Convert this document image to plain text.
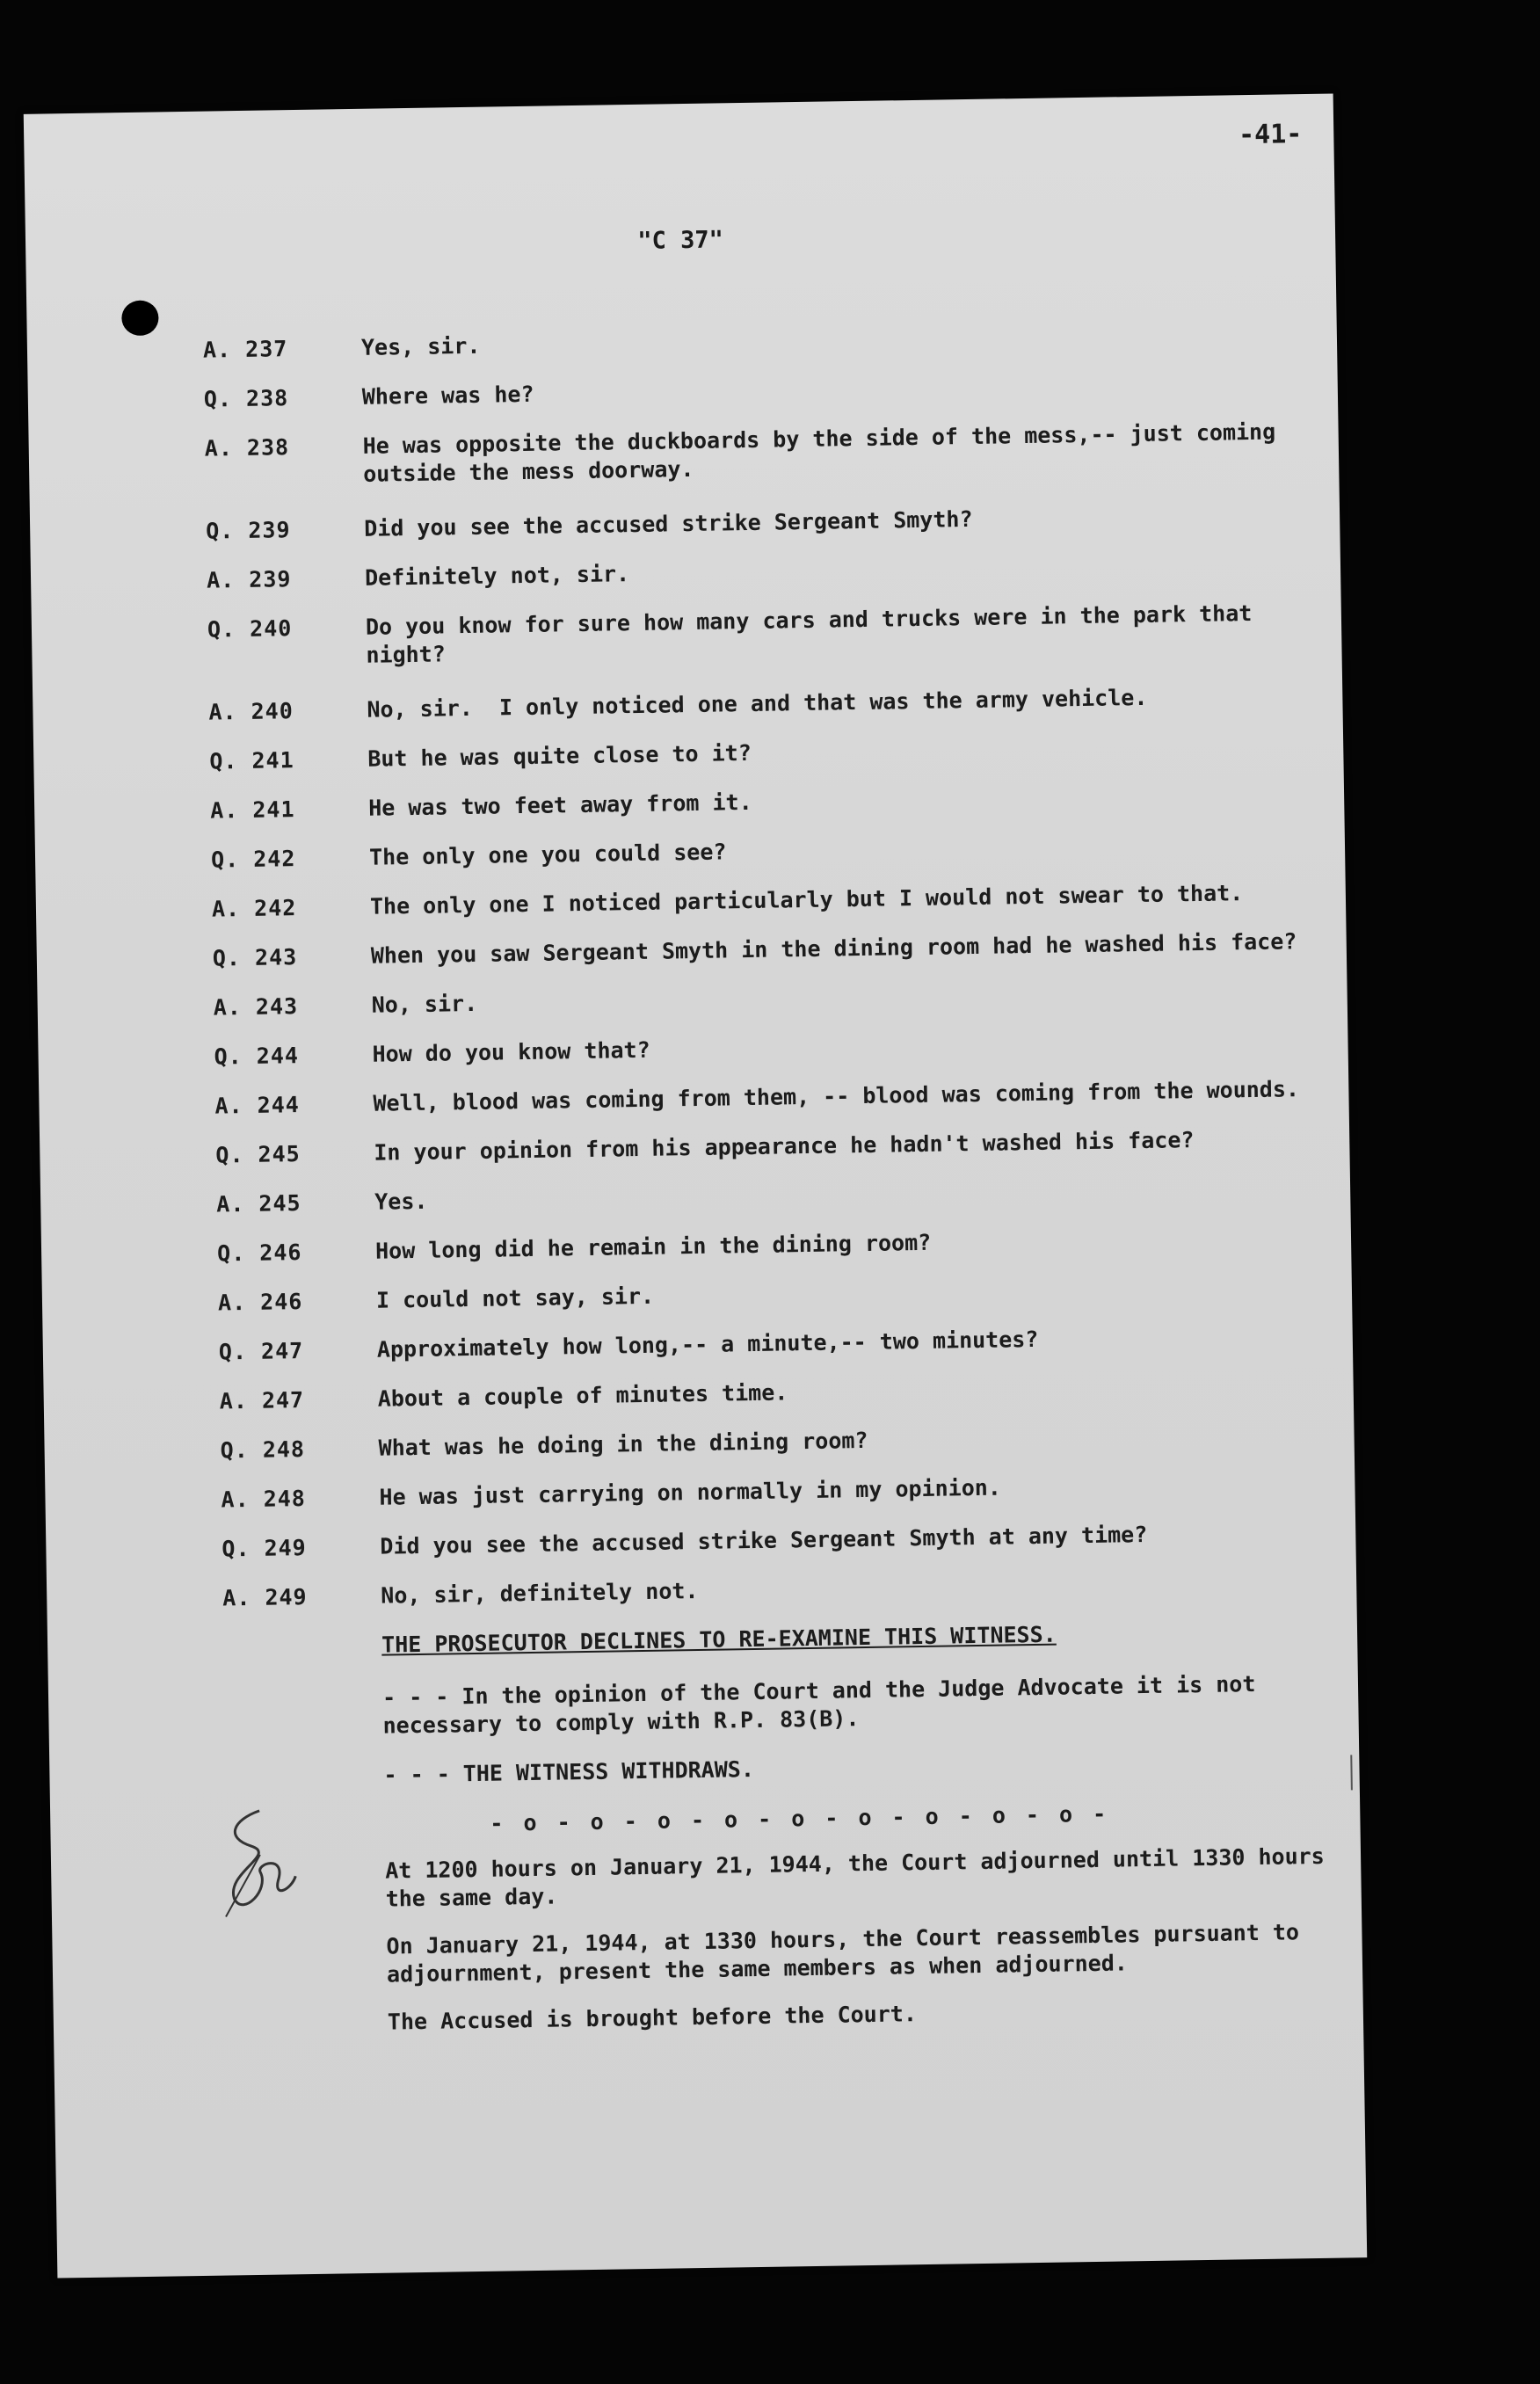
-41-
"C 37"
A. 237	Yes, sir.
Q. 238	Where was he?
A. 238	He was opposite the duckboards by the side of the mess,-- just coming
outside the mess doorway.
Q. 239	Did you see the accused strike Sergeant Smyth?
A. 239	Definitely not, sir.
Q. 240	Do you know for sure how many cars and trucks were in the park that
night?
A. 240	No, sir.  I only noticed one and that was the army vehicle.
Q. 241	But he was quite close to it?
A. 241	He was two feet away from it.
Q. 242	The only one you could see?
A. 242	The only one I noticed particularly but I would not swear to that.
Q. 243	When you saw Sergeant Smyth in the dining room had he washed his face?
A. 243	No, sir.
Q. 244	How do you know that?
A. 244	Well, blood was coming from them, -- blood was coming from the wounds.
Q. 245	In your opinion from his appearance he hadn't washed his face?
A. 245	Yes.
Q. 246	How long did he remain in the dining room?
A. 246	I could not say, sir.
Q. 247	Approximately how long,-- a minute,-- two minutes?
A. 247	About a couple of minutes time.
Q. 248	What was he doing in the dining room?
A. 248	He was just carrying on normally in my opinion.
Q. 249	Did you see the accused strike Sergeant Smyth at any time?
A. 249	No, sir, definitely not.
THE PROSECUTOR DECLINES TO RE-EXAMINE THIS WITNESS.
- - - In the opinion of the Court and the Judge Advocate it is not
necessary to comply with R.P. 83(B).
- - - THE WITNESS WITHDRAWS.
- o - o - o - o - o - o - o - o - o -
At 1200 hours on January 21, 1944, the Court adjourned until 1330 hours
the same day.
On January 21, 1944, at 1330 hours, the Court reassembles pursuant to
adjournment, present the same members as when adjourned.
The Accused is brought before the Court.
